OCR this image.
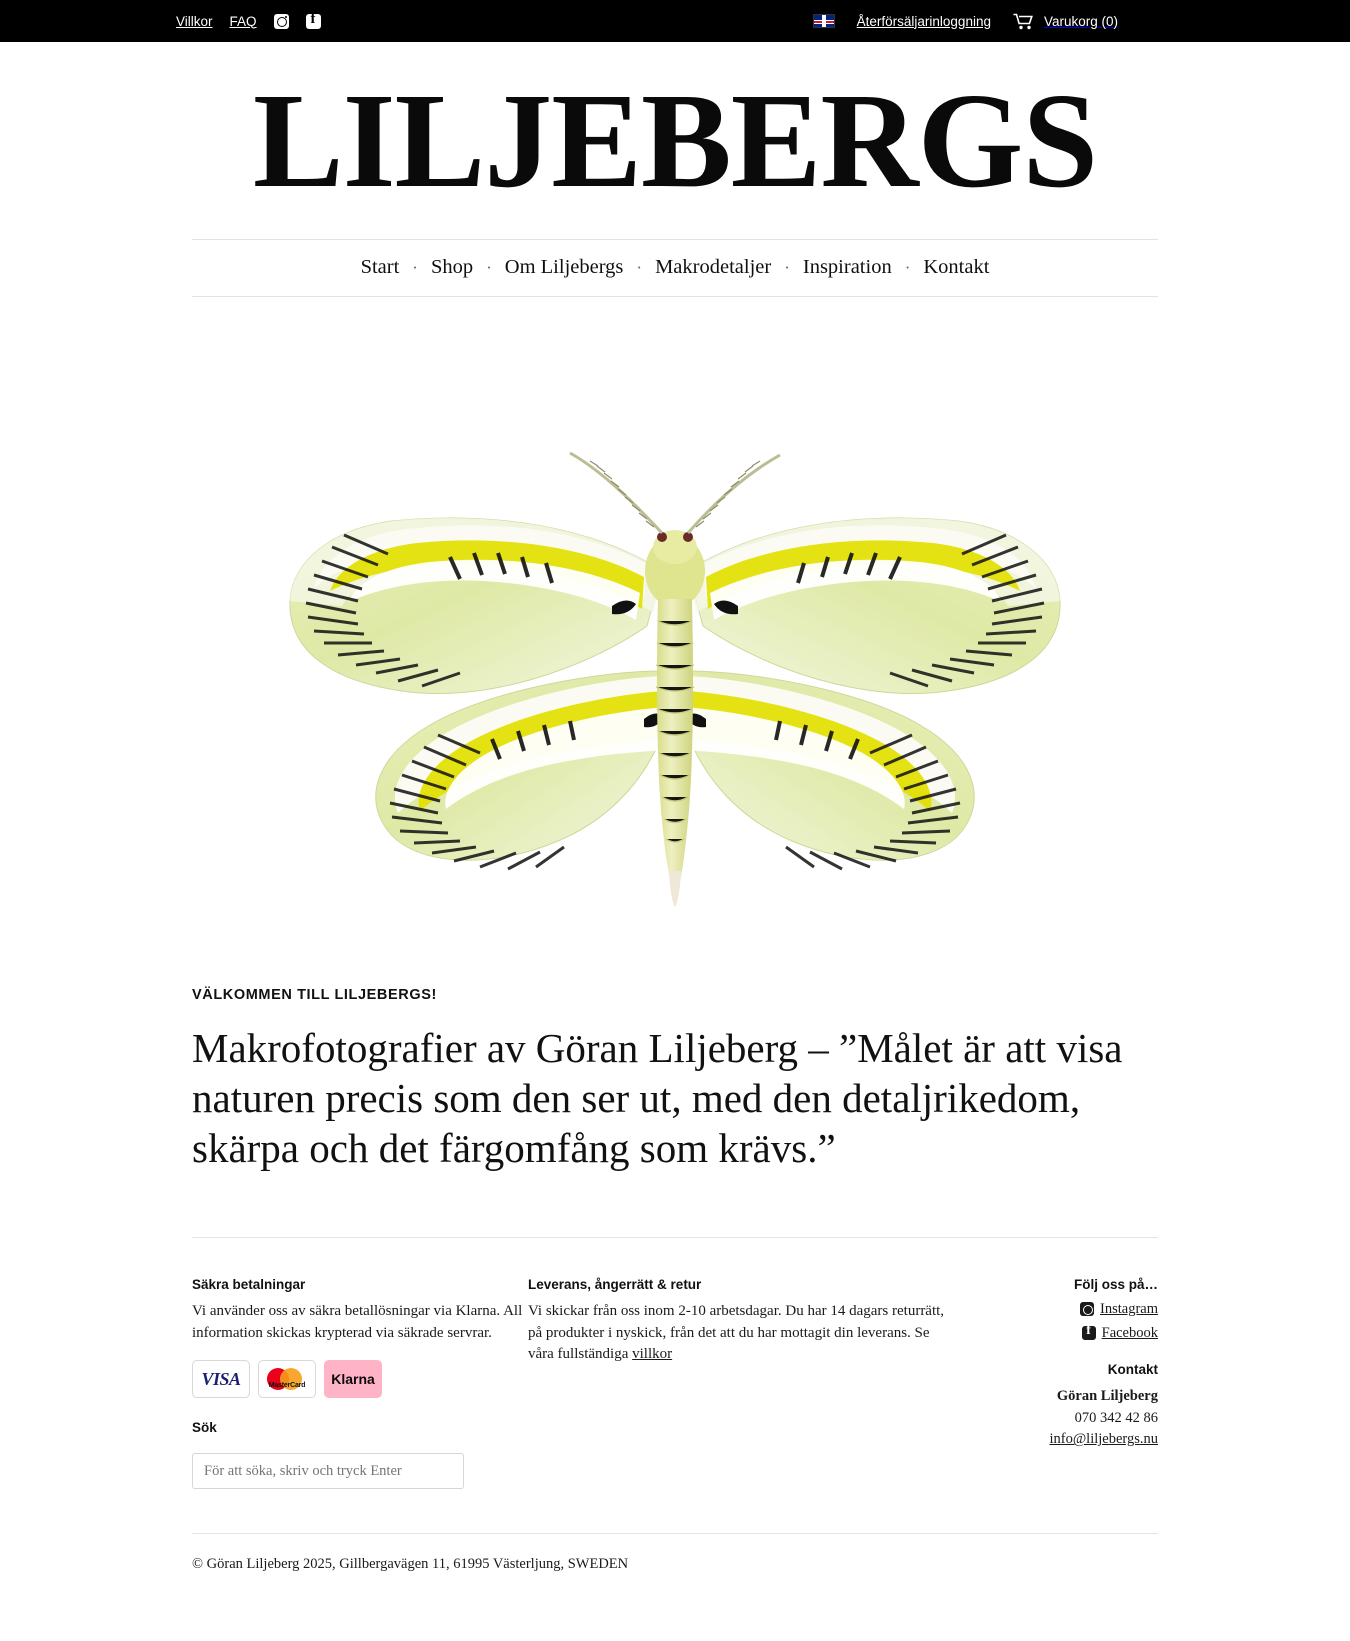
Villkor FAQ f	Återförsäljarinloggning	Varukorg (0)
LILJEBERGS
Start · Shop · Om Liljebergs · Makrodetaljer · Inspiration · Kontakt
VÄLKOMMEN TILL LILJEBERGS!
Makrofotografier av Göran Liljeberg – ”Målet är att visa naturen precis som den ser ut, med den detaljrikedom, skärpa och det färgomfång som krävs.”
Säkra betalningar

Vi använder oss av säkra betallösningar via Klarna. All information skickas krypterad via säkrade servrar.

VISA	MasterCard	Klarna
Sök
För att söka, skriv och tryck Enter
Leverans, ångerrätt & retur

Vi skickar från oss inom 2-10 arbetsdagar. Du har 14 dagars returrätt, på produkter i nyskick, från det att du har mottagit din leverans. Se våra fullständiga villkor

Följ oss på…
Instagram
f
Facebook
Kontakt
Göran Liljeberg
070 342 42 86
info@liljebergs.nu
© Göran Liljeberg 2025, Gillbergavägen 11, 61995 Västerljung, SWEDEN
